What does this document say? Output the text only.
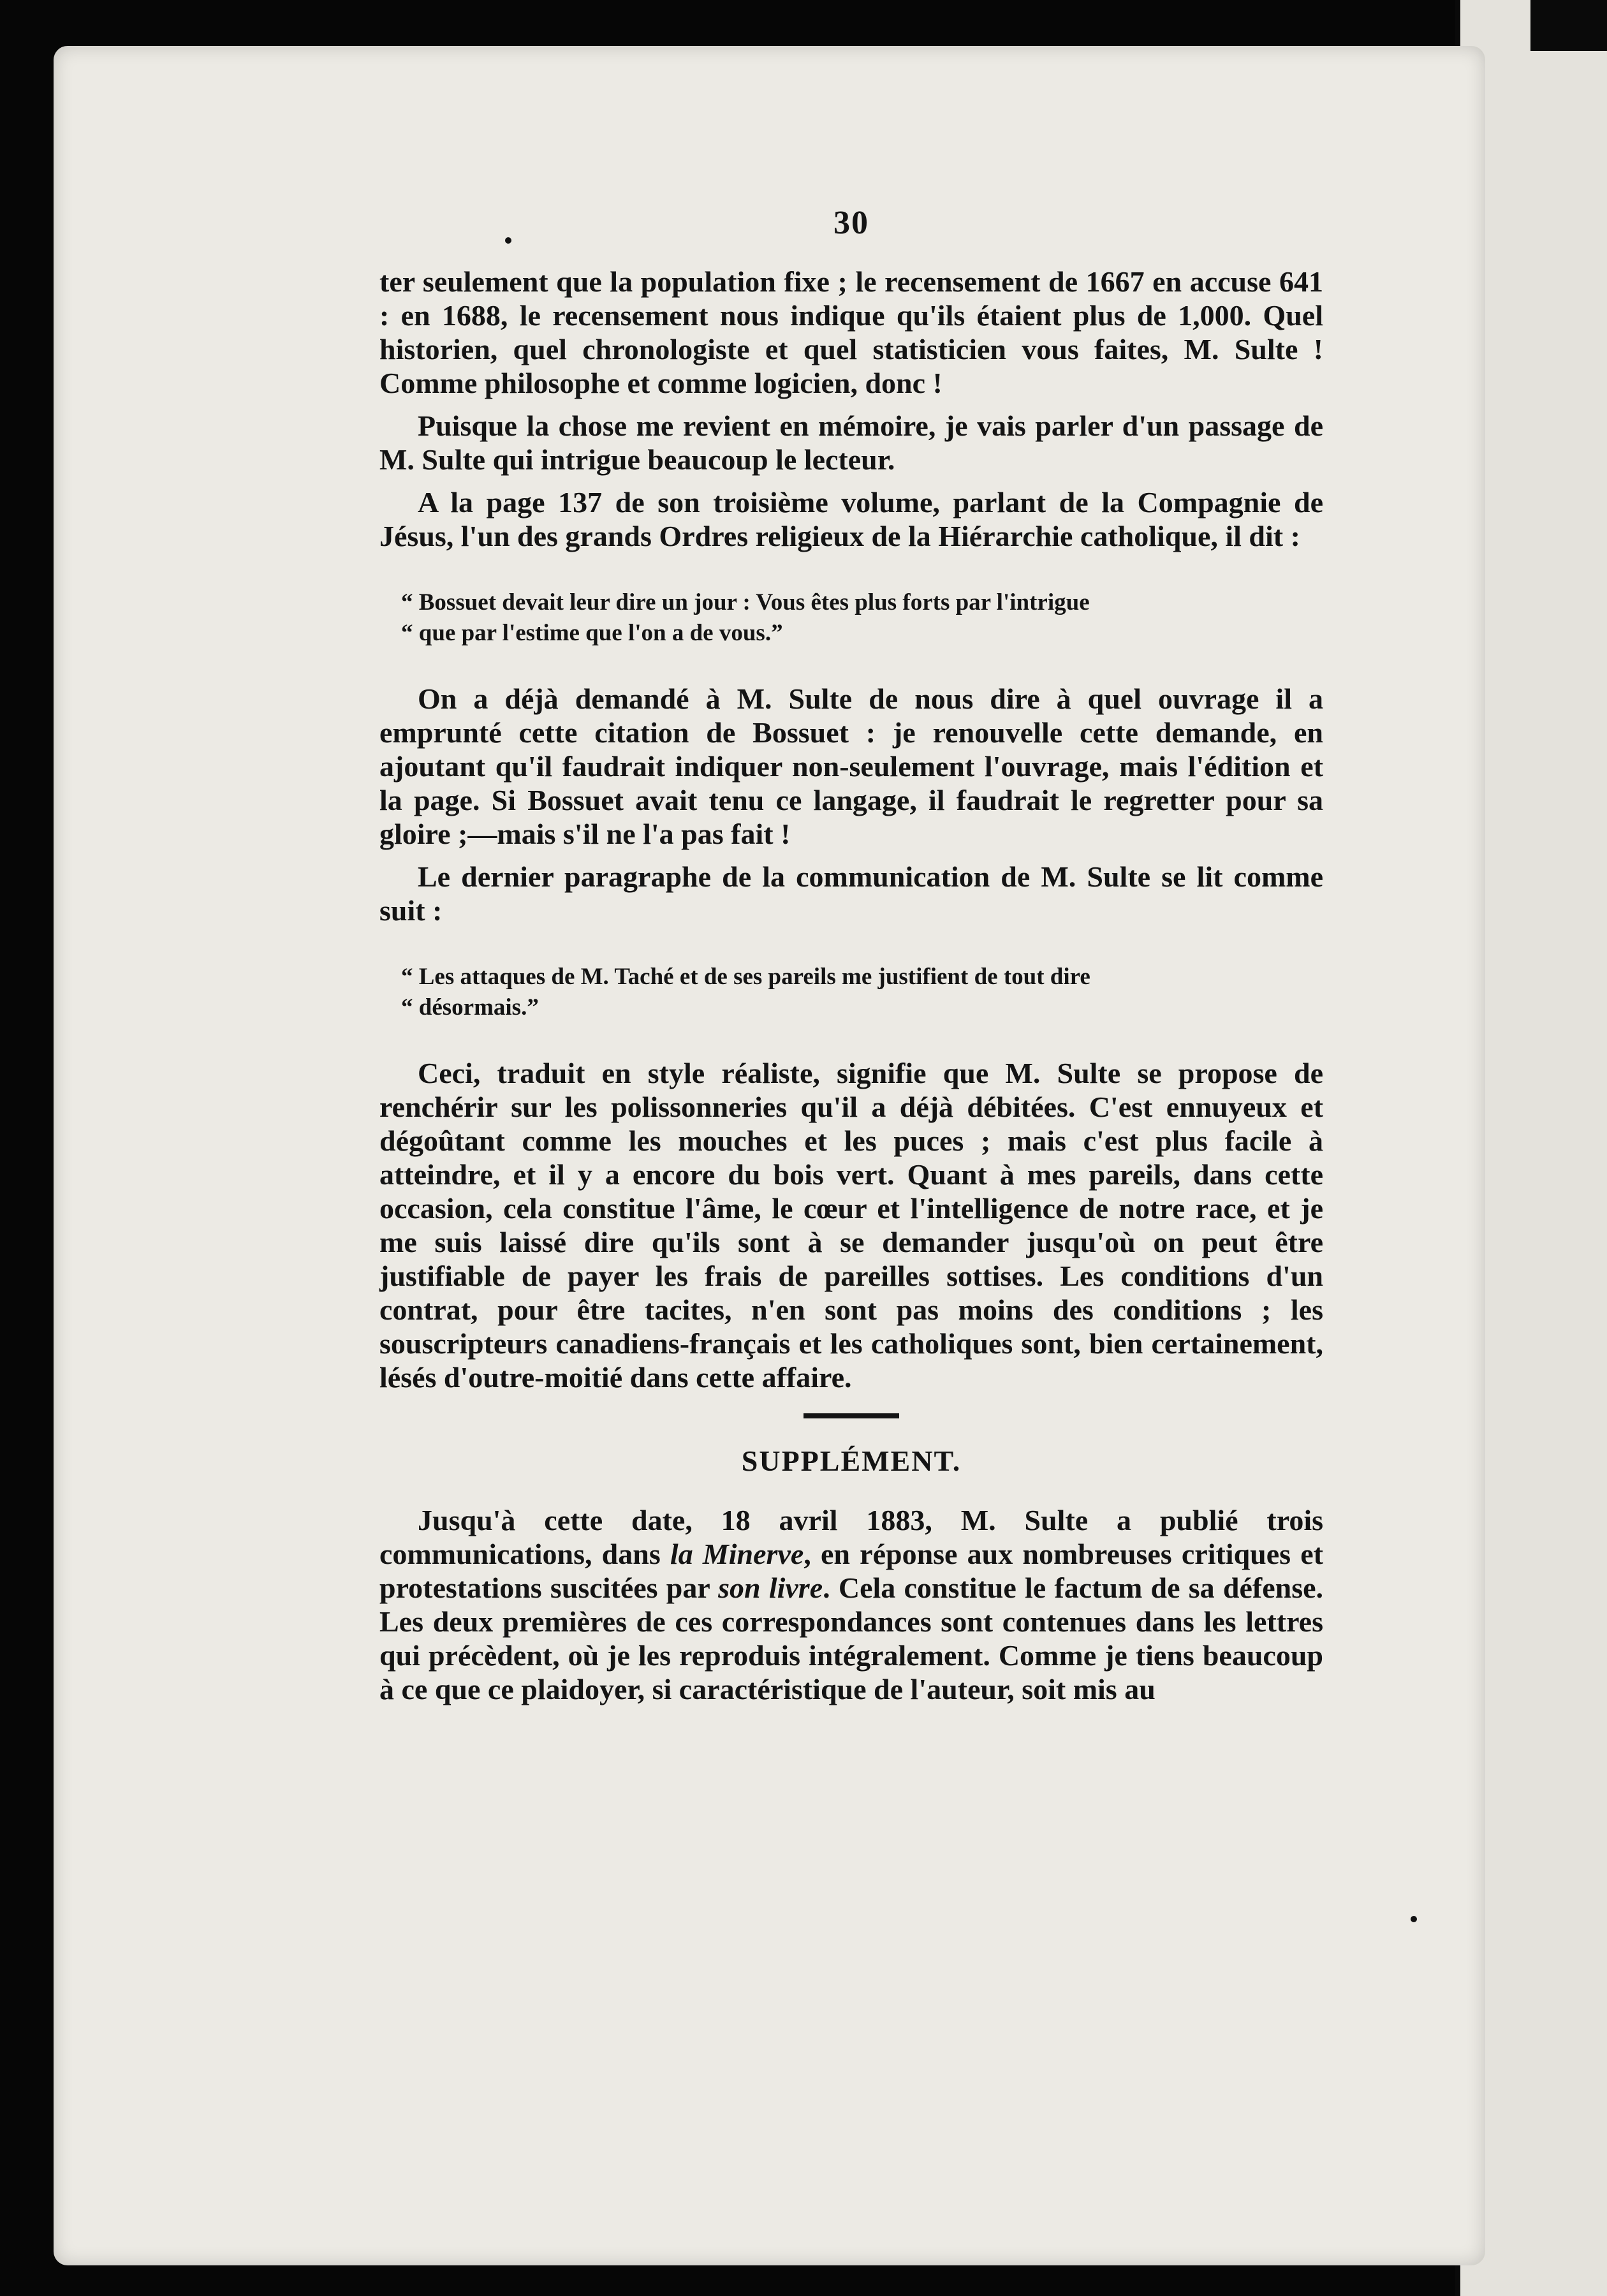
30

ter seulement que la population fixe ; le recensement de 1667 en accuse 641 : en 1688, le recensement nous indique qu'ils étaient plus de 1,000. Quel historien, quel chronologiste et quel statisticien vous faites, M. Sulte ! Comme philosophe et comme logicien, donc !

Puisque la chose me revient en mémoire, je vais parler d'un passage de M. Sulte qui intrigue beaucoup le lecteur.

A la page 137 de son troisième volume, parlant de la Compagnie de Jésus, l'un des grands Ordres religieux de la Hiérarchie catholique, il dit :

“ Bossuet devait leur dire un jour : Vous êtes plus forts par l'intrigue
“ que par l'estime que l'on a de vous.”

On a déjà demandé à M. Sulte de nous dire à quel ouvrage il a emprunté cette citation de Bossuet : je renouvelle cette demande, en ajoutant qu'il faudrait indiquer non-seulement l'ouvrage, mais l'édition et la page. Si Bossuet avait tenu ce langage, il faudrait le regretter pour sa gloire ;—mais s'il ne l'a pas fait !

Le dernier paragraphe de la communication de M. Sulte se lit comme suit :

“ Les attaques de M. Taché et de ses pareils me justifient de tout dire
“ désormais.”

Ceci, traduit en style réaliste, signifie que M. Sulte se propose de renchérir sur les polissonneries qu'il a déjà débitées. C'est ennuyeux et dégoûtant comme les mouches et les puces ; mais c'est plus facile à atteindre, et il y a encore du bois vert. Quant à mes pareils, dans cette occasion, cela constitue l'âme, le cœur et l'intelligence de notre race, et je me suis laissé dire qu'ils sont à se demander jusqu'où on peut être justifiable de payer les frais de pareilles sottises. Les conditions d'un contrat, pour être tacites, n'en sont pas moins des conditions ; les souscripteurs canadiens-français et les catholiques sont, bien certainement, lésés d'outre-moitié dans cette affaire.

SUPPLÉMENT.

Jusqu'à cette date, 18 avril 1883, M. Sulte a publié trois communications, dans la Minerve, en réponse aux nombreuses critiques et protestations suscitées par son livre. Cela constitue le factum de sa défense. Les deux premières de ces correspondances sont contenues dans les lettres qui précèdent, où je les reproduis intégralement. Comme je tiens beaucoup à ce que ce plaidoyer, si caractéristique de l'auteur, soit mis au
